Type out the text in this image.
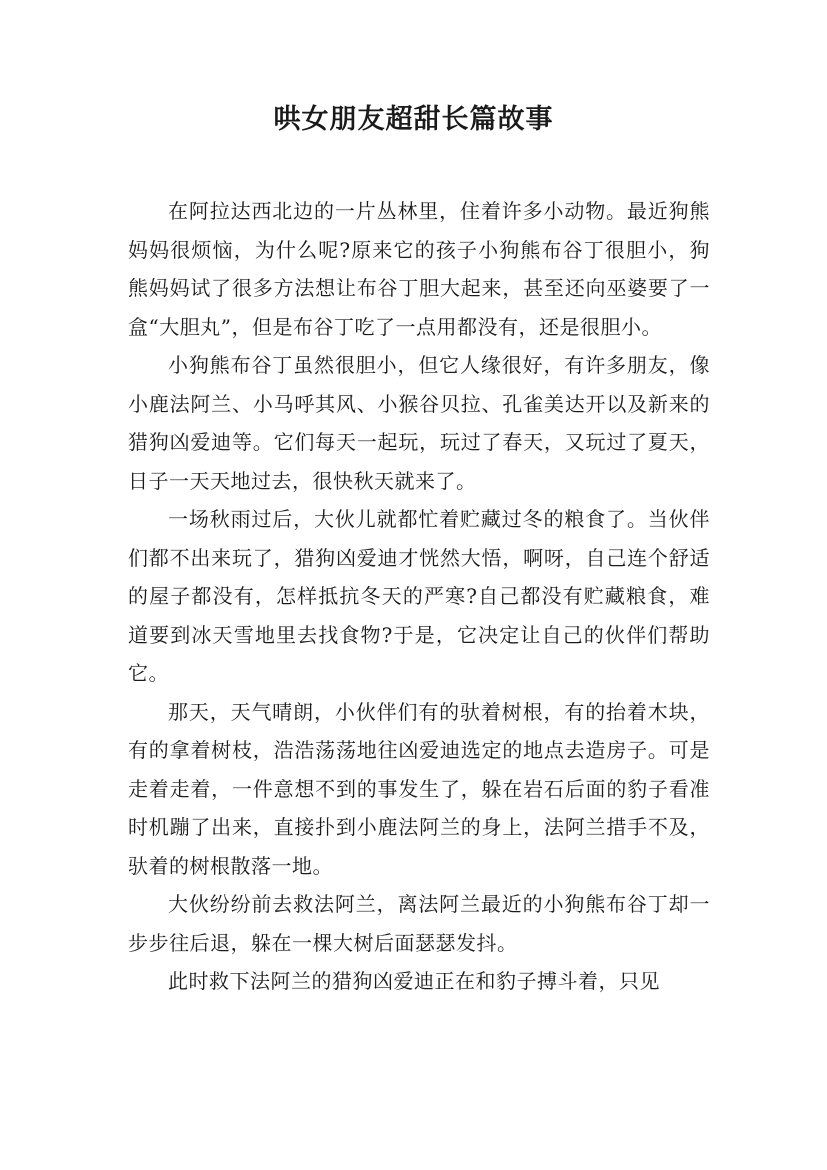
哄女朋友超甜长篇故事

在阿拉达西北边的一片丛林里，住着许多小动物。最近狗熊妈妈很烦恼，为什么呢?原来它的孩子小狗熊布谷丁很胆小，狗熊妈妈试了很多方法想让布谷丁胆大起来，甚至还向巫婆要了一盒“大胆丸”，但是布谷丁吃了一点用都没有，还是很胆小。

小狗熊布谷丁虽然很胆小，但它人缘很好，有许多朋友，像小鹿法阿兰、小马呼其风、小猴谷贝拉、孔雀美达开以及新来的猎狗凶爱迪等。它们每天一起玩，玩过了春天，又玩过了夏天，日子一天天地过去，很快秋天就来了。

一场秋雨过后，大伙儿就都忙着贮藏过冬的粮食了。当伙伴们都不出来玩了，猎狗凶爱迪才恍然大悟，啊呀，自己连个舒适的屋子都没有，怎样抵抗冬天的严寒?自己都没有贮藏粮食，难道要到冰天雪地里去找食物?于是，它决定让自己的伙伴们帮助它。

那天，天气晴朗，小伙伴们有的驮着树根，有的抬着木块，有的拿着树枝，浩浩荡荡地往凶爱迪选定的地点去造房子。可是走着走着，一件意想不到的事发生了，躲在岩石后面的豹子看准时机蹦了出来，直接扑到小鹿法阿兰的身上，法阿兰措手不及，驮着的树根散落一地。

大伙纷纷前去救法阿兰，离法阿兰最近的小狗熊布谷丁却一步步往后退，躲在一棵大树后面瑟瑟发抖。

此时救下法阿兰的猎狗凶爱迪正在和豹子搏斗着，只见
